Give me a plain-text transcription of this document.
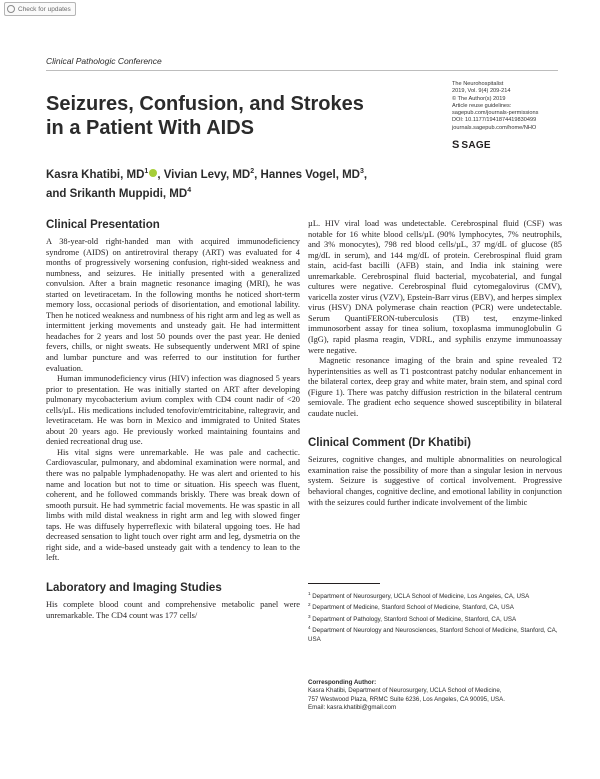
Check for updates
Clinical Pathologic Conference
Seizures, Confusion, and Strokes
in a Patient With AIDS
The Neurohospitalist
2019, Vol. 9(4) 209-214
© The Author(s) 2019
Article reuse guidelines:
sagepub.com/journals-permissions
DOI: 10.1177/1941874419830499
journals.sagepub.com/home/NHO
S SAGE
Kasra Khatibi, $MD^1$ , Vivian Levy, $MD^2$, Hannes Vogel, $MD^3$,
and Srikanth Muppidi, $MD^4$
Clinical Presentation

A 38-year-old right-handed man with acquired immunodeficiency syndrome (AIDS) on antiretroviral therapy (ART) was evaluated for 4 months of progressively worsening confusion, right-sided weakness and numbness, and seizures. He initially presented with a generalized convulsion. After a brain magnetic resonance imaging (MRI), he was started on levetiracetam. In the following months he noticed short-term memory loss, occasional periods of disorientation, and emotional lability. Then he noticed weakness and numbness of his right arm and leg as well as intermittent jerking movements and unsteady gait. He had intermittent headaches for 2 years and lost 50 pounds over the past year. He denied fevers, chills, or night sweats. He subsequently underwent MRI of spine and lumbar puncture and was referred to our institution for further evaluation.

Human immunodeficiency virus (HIV) infection was diagnosed 5 years prior to presentation. He was initially started on ART after developing pulmonary mycobacterium avium complex with CD4 count nadir of <20 cells/µL. His medications included tenofovir/emtricitabine, raltegravir, and levetiracetam. He was born in Mexico and immigrated to United States about 20 years ago. He previously worked maintaining fountains and denied recreational drug use.

His vital signs were unremarkable. He was pale and cachectic. Cardiovascular, pulmonary, and abdominal examination were normal, and there was no palpable lymphadenopathy. He was alert and oriented to his name and location but not to time or situation. His speech was fluent, coherent, and he followed commands briskly. There was break down of smooth pursuit. He had symmetric facial movements. He was spastic in all limbs with mild distal weakness in right arm and leg with slowed finger taps. He was diffusely hyperreflexic with bilateral upgoing toes. He had decreased sensation to light touch over right arm and leg, dysmetria on the right side, and a wide-based unsteady gait with a tendency to lean to the left.

Laboratory and Imaging Studies

His complete blood count and comprehensive metabolic panel were unremarkable. The CD4 count was 177 cells/

µL. HIV viral load was undetectable. Cerebrospinal fluid (CSF) was notable for 16 white blood cells/µL (90% lymphocytes, 7% neutrophils, and 3% monocytes), 798 red blood cells/µL, 37 mg/dL of glucose (85 mg/dL in serum), and 144 mg/dL of protein. Cerebrospinal fluid gram stain, acid-fast bacilli (AFB) stain, and India ink staining were unremarkable. Cerebrospinal fluid bacterial, mycobaterial, and fungal cultures were negative. Cerebrospinal fluid cytomegalovirus (CMV), varicella zoster virus (VZV), Epstein-Barr virus (EBV), and herpes simplex virus (HSV) DNA polymerase chain reaction (PCR) were undetectable. Serum QuantiFERON-tuberculosis (TB) test, enzyme-linked immunosorbent assay for tinea solium, toxoplasma immunoglobulin G (IgG), rapid plasma reagin, VDRL, and syphilis enzyme immunoassay were negative.

Magnetic resonance imaging of the brain and spine revealed T2 hyperintensities as well as T1 postcontrast patchy nodular enhancement in the bilateral cortex, deep gray and white mater, brain stem, and spinal cord (Figure 1). There was patchy diffusion restriction in the bilateral centrum semiovale. The gradient echo sequence showed susceptibility in bilateral caudate nuclei.

Clinical Comment (Dr Khatibi)

Seizures, cognitive changes, and multiple abnormalities on neurological examination raise the possibility of more than a singular lesion in nervous system. Seizure is suggestive of cortical involvement. Progressive behavioral changes, cognitive decline, and emotional lability in conjunction with the seizures could further indicate involvement of the limbic

$^1$ Department of Neurosurgery, UCLA School of Medicine, Los Angeles, CA, USA
$^2$ Department of Medicine, Stanford School of Medicine, Stanford, CA, USA
$^3$ Department of Pathology, Stanford School of Medicine, Stanford, CA, USA
$^4$ Department of Neurology and Neurosciences, Stanford School of Medicine, Stanford, CA, USA
Corresponding Author:
Kasra Khatibi, Department of Neurosurgery, UCLA School of Medicine,
757 Westwood Plaza, RRMC Suite 6236, Los Angeles, CA 90095, USA.
Email: kasra.khatibi@gmail.com
